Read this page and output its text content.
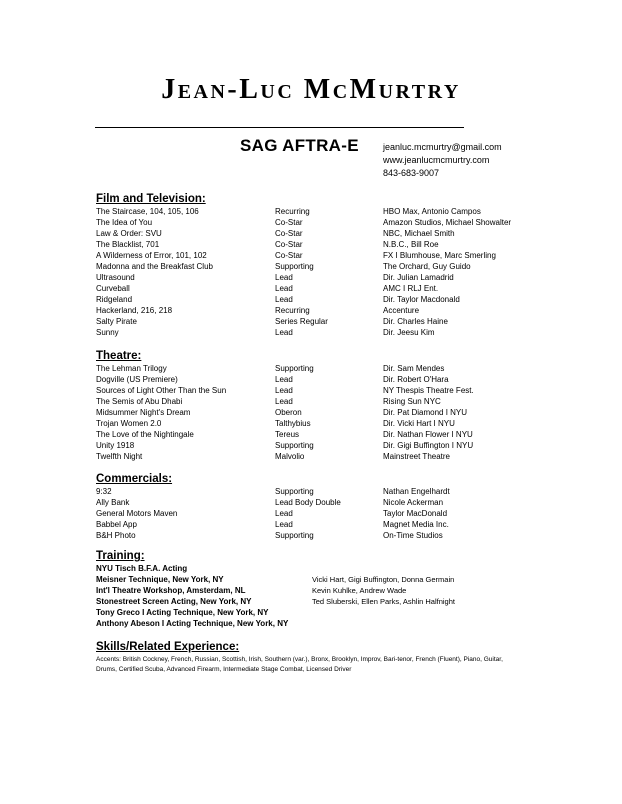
Jean-Luc McMurtry
SAG AFTRA-E	jeanluc.mcmurtry@gmail.com
www.jeanlucmcmurtry.com
843-683-9007
Film and Television:
The Staircase, 104, 105, 106	Recurring	HBO Max, Antonio Campos
The Idea of You	Co-Star	Amazon Studios, Michael Showalter
Law & Order: SVU	Co-Star	NBC, Michael Smith
The Blacklist, 701	Co-Star	N.B.C., Bill Roe
A Wilderness of Error, 101, 102	Co-Star	FX I Blumhouse, Marc Smerling
Madonna and the Breakfast Club	Supporting	The Orchard, Guy Guido
Ultrasound	Lead	Dir. Julian Lamadrid
Curveball	Lead	AMC I RLJ Ent.
Ridgeland	Lead	Dir. Taylor Macdonald
Hackerland, 216, 218	Recurring	Accenture
Salty Pirate	Series Regular	Dir. Charles Haine
Sunny	Lead	Dir. Jeesu Kim
Theatre:
The Lehman Trilogy	Supporting	Dir. Sam Mendes
Dogville (US Premiere)	Lead	Dir. Robert O'Hara
Sources of Light Other Than the Sun	Lead	NY Thespis Theatre Fest.
The Semis of Abu Dhabi	Lead	Rising Sun NYC
Midsummer Night's Dream	Oberon	Dir. Pat Diamond I NYU
Trojan Women 2.0	Talthybius	Dir. Vicki Hart I NYU
The Love of the Nightingale	Tereus	Dir. Nathan Flower I NYU
Unity 1918	Supporting	Dir. Gigi Buffington I NYU
Twelfth Night	Malvolio	Mainstreet Theatre
Commercials:
9:32	Supporting	Nathan Engelhardt
Ally Bank	Lead Body Double	Nicole Ackerman
General Motors Maven	Lead	Taylor MacDonald
Babbel App	Lead	Magnet Media Inc.
B&H Photo	Supporting	On-Time Studios
Training:
NYU Tisch B.F.A. Acting
Meisner Technique, New York, NY	Vicki Hart, Gigi Buffington, Donna Germain
Int'l Theatre Workshop, Amsterdam, NL	Kevin Kuhlke, Andrew Wade
Stonestreet Screen Acting, New York, NY	Ted Sluberski, Ellen Parks, Ashlin Halfnight
Tony Greco I Acting Technique, New York, NY
Anthony Abeson I Acting Technique, New York, NY
Skills/Related Experience:
Accents: British Cockney, French, Russian, Scottish, Irish, Southern (var.), Bronx, Brooklyn, Improv, Bari-tenor, French (Fluent), Piano, Guitar, Drums, Certified Scuba, Advanced Firearm, Intermediate Stage Combat, Licensed Driver
